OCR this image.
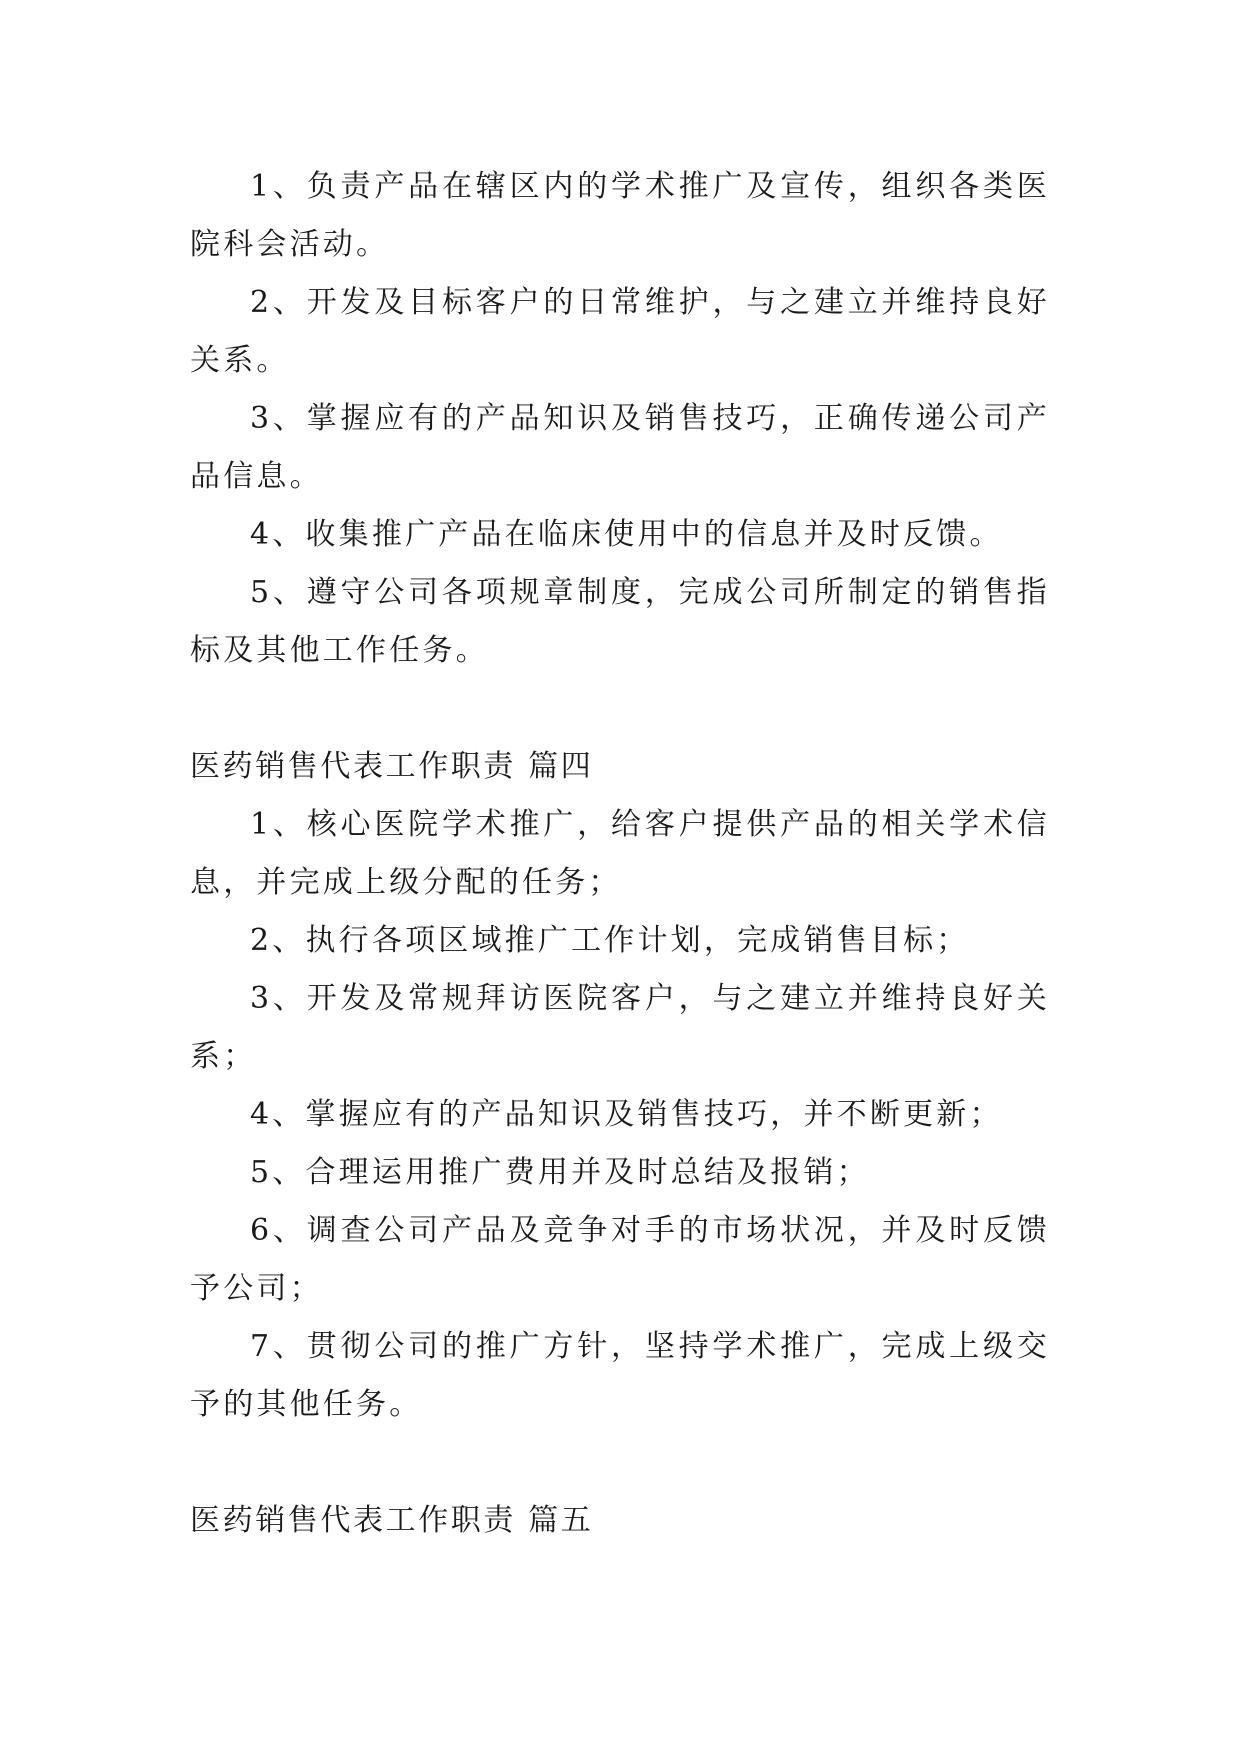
1、负责产品在辖区内的学术推广及宣传，组织各类医院科会活动。

2、开发及目标客户的日常维护，与之建立并维持良好关系。

3、掌握应有的产品知识及销售技巧，正确传递公司产品信息。

4、收集推广产品在临床使用中的信息并及时反馈。

5、遵守公司各项规章制度，完成公司所制定的销售指标及其他工作任务。

医药销售代表工作职责 篇四

1、核心医院学术推广，给客户提供产品的相关学术信息，并完成上级分配的任务；

2、执行各项区域推广工作计划，完成销售目标；

3、开发及常规拜访医院客户，与之建立并维持良好关系；

4、掌握应有的产品知识及销售技巧，并不断更新；

5、合理运用推广费用并及时总结及报销；

6、调查公司产品及竞争对手的市场状况，并及时反馈予公司；

7、贯彻公司的推广方针，坚持学术推广，完成上级交予的其他任务。

医药销售代表工作职责 篇五
